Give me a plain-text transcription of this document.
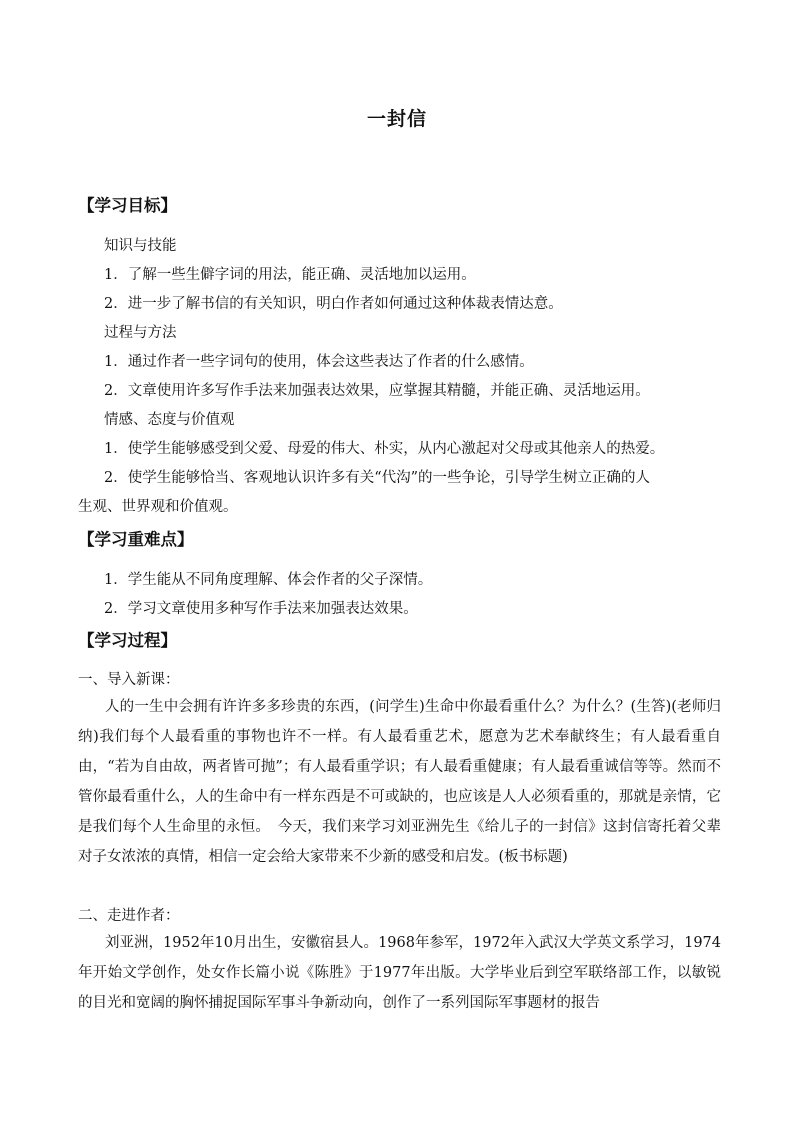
一封信
【学习目标】
知识与技能
1．了解一些生僻字词的用法，能正确、灵活地加以运用。
2．进一步了解书信的有关知识，明白作者如何通过这种体裁表情达意。
过程与方法
1．通过作者一些字词句的使用，体会这些表达了作者的什么感情。
2．文章使用许多写作手法来加强表达效果，应掌握其精髓，并能正确、灵活地运用。
情感、态度与价值观
1．使学生能够感受到父爱、母爱的伟大、朴实，从内心激起对父母或其他亲人的热爱。
2．使学生能够恰当、客观地认识许多有关“代沟”的一些争论，引导学生树立正确的人
生观、世界观和价值观。
【学习重难点】
1．学生能从不同角度理解、体会作者的父子深情。
2．学习文章使用多种写作手法来加强表达效果。
【学习过程】
一、导入新课：

人的一生中会拥有许许多多珍贵的东西，(问学生)生命中你最看重什么？为什么？(生答)(老师归纳)我们每个人最看重的事物也许不一样。有人最看重艺术，愿意为艺术奉献终生；有人最看重自由，“若为自由故，两者皆可抛”；有人最看重学识；有人最看重健康；有人最看重诚信等等。然而不管你最看重什么，人的生命中有一样东西是不可或缺的，也应该是人人必须看重的，那就是亲情，它是我们每个人生命里的永恒。　今天，我们来学习刘亚洲先生《给儿子的一封信》这封信寄托着父辈对子女浓浓的真情，相信一定会给大家带来不少新的感受和启发。(板书标题)

二、走进作者：

刘亚洲，1952年10月出生，安徽宿县人。1968年参军，1972年入武汉大学英文系学习，1974年开始文学创作，处女作长篇小说《陈胜》于1977年出版。大学毕业后到空军联络部工作，以敏锐的目光和宽阔的胸怀捕捉国际军事斗争新动向，创作了一系列国际军事题材的报告
